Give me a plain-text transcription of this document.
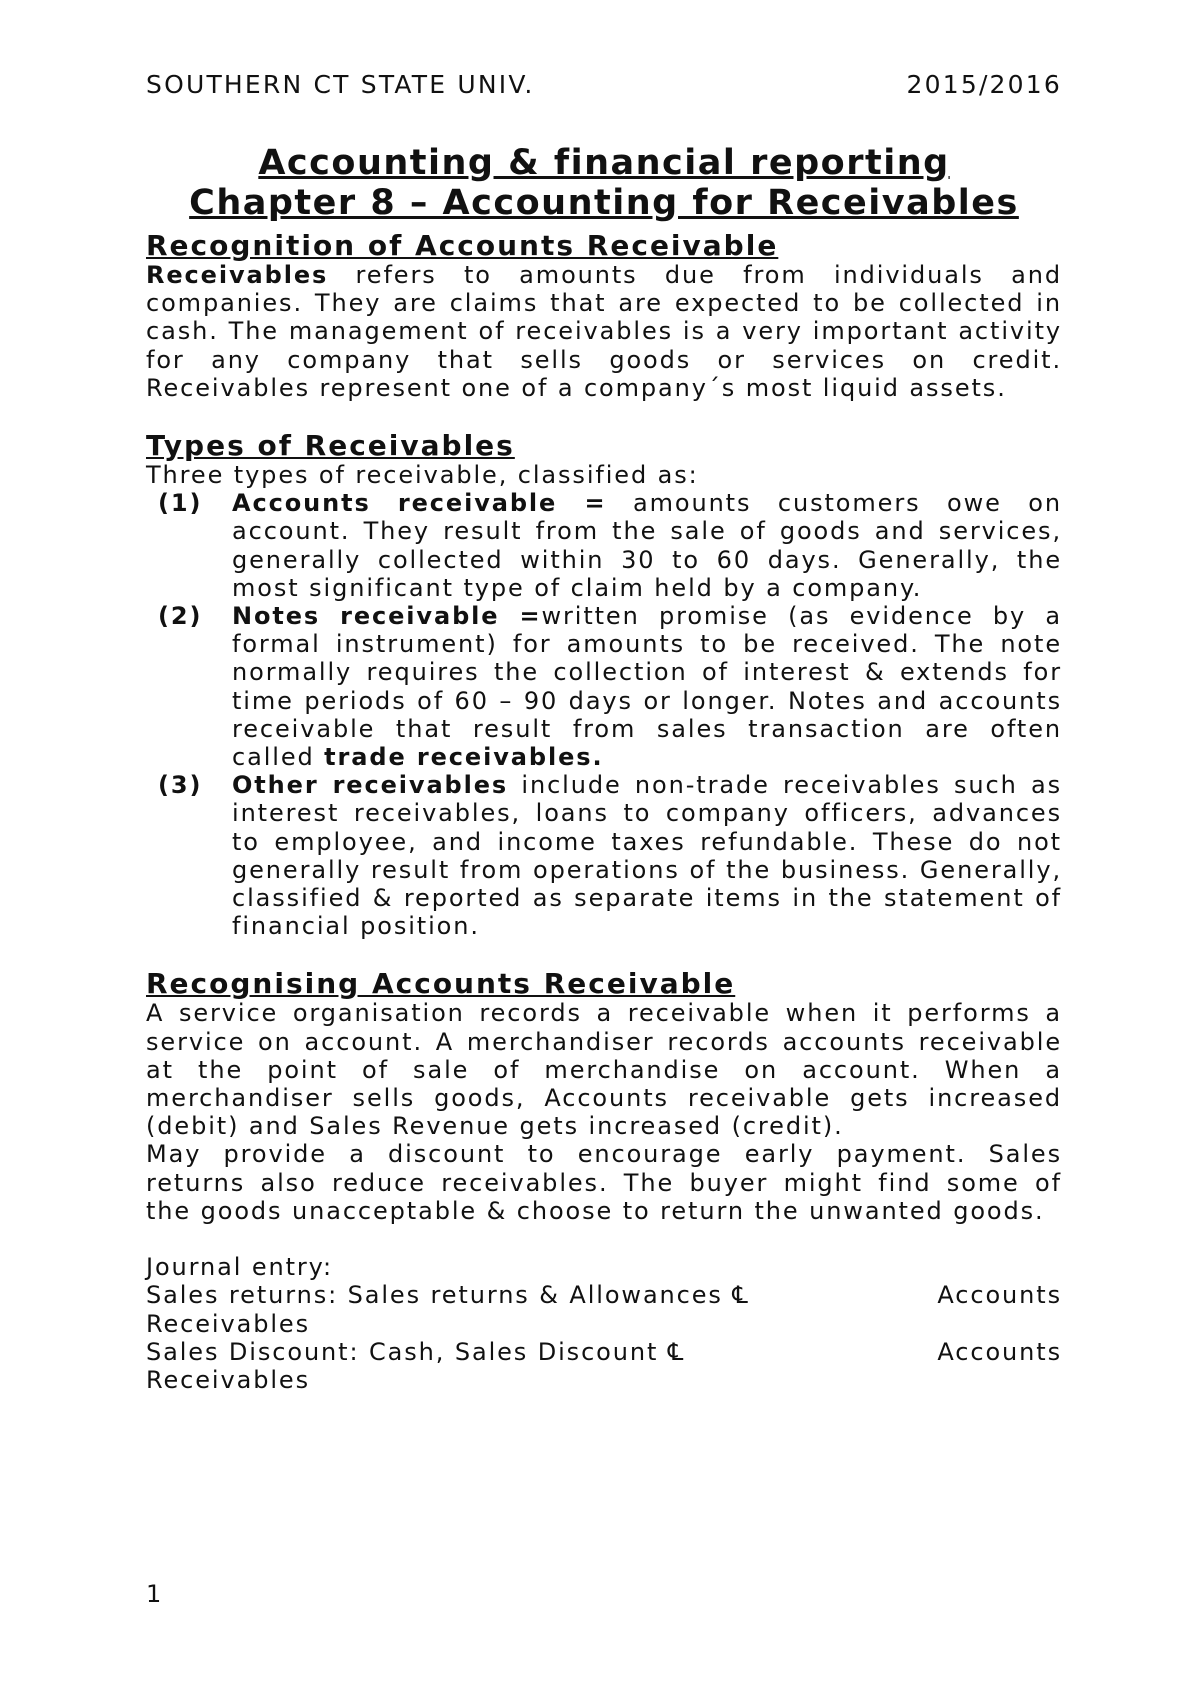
SOUTHERN CT STATE UNIV.	2015/2016
Accounting & financial reporting
Chapter 8 – Accounting for Receivables
Recognition of Accounts Receivable

Receivables refers to amounts due from individuals and companies. They are claims that are expected to be collected in cash. The management of receivables is a very important activity for any company that sells goods or services on credit. Receivables represent one of a company´s most liquid assets.

Types of Receivables

Three types of receivable, classified as:

(1)	Accounts receivable = amounts customers owe on account. They result from the sale of goods and services, generally collected within 30 to 60 days. Generally, the most significant type of claim held by a company.
(2)	Notes receivable =written promise (as evidence by a formal instrument) for amounts to be received. The note normally requires the collection of interest & extends for time periods of 60 – 90 days or longer. Notes and accounts receivable that result from sales transaction are often called trade receivables.
(3)	Other receivables include non-trade receivables such as interest receivables, loans to company officers, advances to employee, and income taxes refundable. These do not generally result from operations of the business. Generally, classified & reported as separate items in the statement of financial position.
Recognising Accounts Receivable

A service organisation records a receivable when it performs a service on account. A merchandiser records accounts receivable at the point of sale of merchandise on account. When a merchandiser sells goods, Accounts receivable gets increased (debit) and Sales Revenue gets increased (credit).

May provide a discount to encourage early payment. Sales returns also reduce receivables. The buyer might find some of the goods unacceptable & choose to return the unwanted goods.

Journal entry:

Sales returns: Sales returns & Allowances ℄	Accounts

Receivables

Sales Discount: Cash, Sales Discount ℄	Accounts

Receivables

1
